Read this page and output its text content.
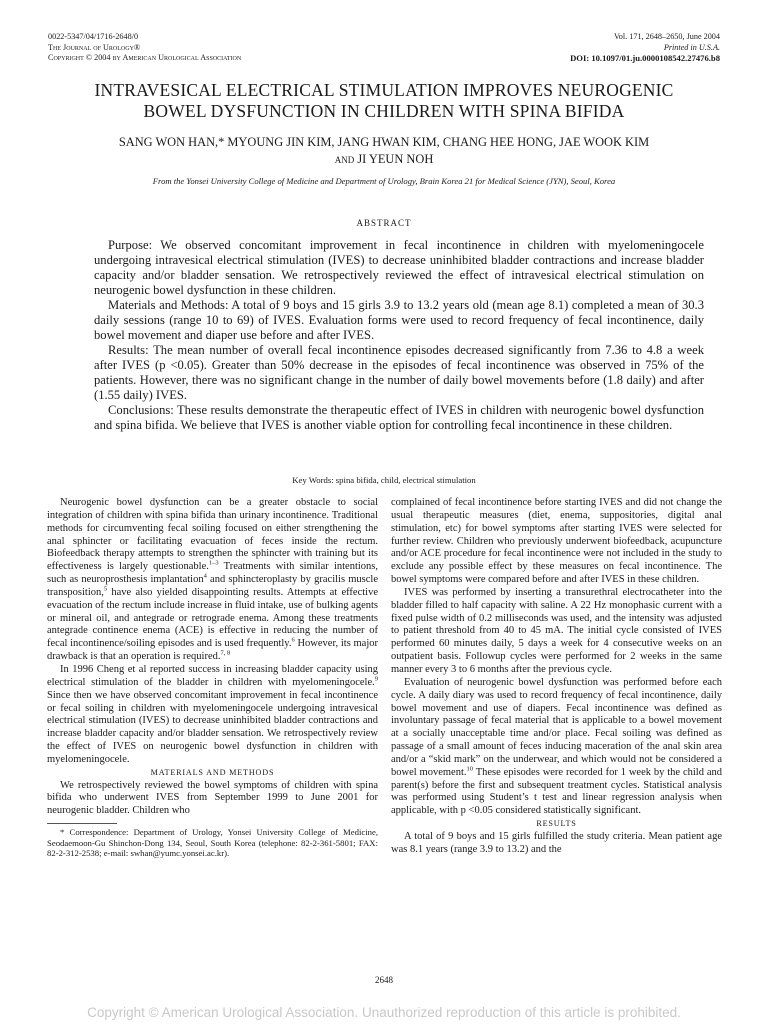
0022-5347/04/1716-2648/0
The Journal of Urology®
Copyright © 2004 by American Urological Association
Vol. 171, 2648–2650, June 2004
Printed in U.S.A.
DOI: 10.1097/01.ju.0000108542.27476.b8
INTRAVESICAL ELECTRICAL STIMULATION IMPROVES NEUROGENIC
BOWEL DYSFUNCTION IN CHILDREN WITH SPINA BIFIDA
SANG WON HAN,* MYOUNG JIN KIM, JANG HWAN KIM, CHANG HEE HONG, JAE WOOK KIM
and JI YEUN NOH
From the Yonsei University College of Medicine and Department of Urology, Brain Korea 21 for Medical Science (JYN), Seoul, Korea
ABSTRACT

Purpose: We observed concomitant improvement in fecal incontinence in children with myelomeningocele undergoing intravesical electrical stimulation (IVES) to decrease uninhibited bladder contractions and increase bladder capacity and/or bladder sensation. We retrospectively reviewed the effect of intravesical electrical stimulation on neurogenic bowel dysfunction in these children.

Materials and Methods: A total of 9 boys and 15 girls 3.9 to 13.2 years old (mean age 8.1) completed a mean of 30.3 daily sessions (range 10 to 69) of IVES. Evaluation forms were used to record frequency of fecal incontinence, daily bowel movement and diaper use before and after IVES.

Results: The mean number of overall fecal incontinence episodes decreased significantly from 7.36 to 4.8 a week after IVES (p <0.05). Greater than 50% decrease in the episodes of fecal incontinence was observed in 75% of the patients. However, there was no significant change in the number of daily bowel movements before (1.8 daily) and after (1.55 daily) IVES.

Conclusions: These results demonstrate the therapeutic effect of IVES in children with neurogenic bowel dysfunction and spina bifida. We believe that IVES is another viable option for controlling fecal incontinence in these children.

Key Words: spina bifida, child, electrical stimulation

Neurogenic bowel dysfunction can be a greater obstacle to social integration of children with spina bifida than urinary incontinence. Traditional methods for circumventing fecal soiling focused on either strengthening the anal sphincter or facilitating evacuation of feces inside the rectum. Biofeedback therapy attempts to strengthen the sphincter with training but its effectiveness is largely questionable.$^{1-3}$ Treatments with similar intentions, such as neuroprosthesis implantation$^4$ and sphincteroplasty by gracilis muscle transposition,$^5$ have also yielded disappointing results. Attempts at effective evacuation of the rectum include increase in fluid intake, use of bulking agents or mineral oil, and antegrade or retrograde enema. Among these treatments antegrade continence enema (ACE) is effective in reducing the number of fecal incontinence/soiling episodes and is used frequently.$^6$ However, its major drawback is that an operation is required.$^{7, 8}$

In 1996 Cheng et al reported success in increasing bladder capacity using electrical stimulation of the bladder in children with myelomeningocele.$^9$ Since then we have observed concomitant improvement in fecal incontinence or fecal soiling in children with myelomeningocele undergoing intravesical electrical stimulation (IVES) to decrease uninhibited bladder contractions and increase bladder capacity and/or bladder sensation. We retrospectively review the effect of IVES on neurogenic bowel dysfunction in children with myelomeningocele.

MATERIALS AND METHODS

We retrospectively reviewed the bowel symptoms of children with spina bifida who underwent IVES from September 1999 to June 2001 for neurogenic bladder. Children who

* Correspondence: Department of Urology, Yonsei University College of Medicine, Seodaemoon-Gu Shinchon-Dong 134, Seoul, South Korea (telephone: 82-2-361-5801; FAX: 82-2-312-2538; e-mail: swhan@yumc.yonsei.ac.kr).

complained of fecal incontinence before starting IVES and did not change the usual therapeutic measures (diet, enema, suppositories, digital anal stimulation, etc) for bowel symptoms after starting IVES were selected for further review. Children who previously underwent biofeedback, acupuncture and/or ACE procedure for fecal incontinence were not included in the study to exclude any possible effect by these measures on fecal incontinence. The bowel symptoms were compared before and after IVES in these children.

IVES was performed by inserting a transurethral electrocatheter into the bladder filled to half capacity with saline. A 22 Hz monophasic current with a fixed pulse width of 0.2 milliseconds was used, and the intensity was adjusted to patient threshold from 40 to 45 mA. The initial cycle consisted of IVES performed 60 minutes daily, 5 days a week for 4 consecutive weeks on an outpatient basis. Followup cycles were performed for 2 weeks in the same manner every 3 to 6 months after the previous cycle.

Evaluation of neurogenic bowel dysfunction was performed before each cycle. A daily diary was used to record frequency of fecal incontinence, daily bowel movement and use of diapers. Fecal incontinence was defined as involuntary passage of fecal material that is applicable to a bowel movement at a socially unacceptable time and/or place. Fecal soiling was defined as passage of a small amount of feces inducing maceration of the anal skin area and/or a “skid mark” on the underwear, and which would not be considered a bowel movement.$^{10}$ These episodes were recorded for 1 week by the child and parent(s) before the first and subsequent treatment cycles. Statistical analysis was performed using Student’s t test and linear regression analysis when applicable, with p <0.05 considered statistically significant.

RESULTS

A total of 9 boys and 15 girls fulfilled the study criteria. Mean patient age was 8.1 years (range 3.9 to 13.2) and the

2648
Copyright © American Urological Association. Unauthorized reproduction of this article is prohibited.
